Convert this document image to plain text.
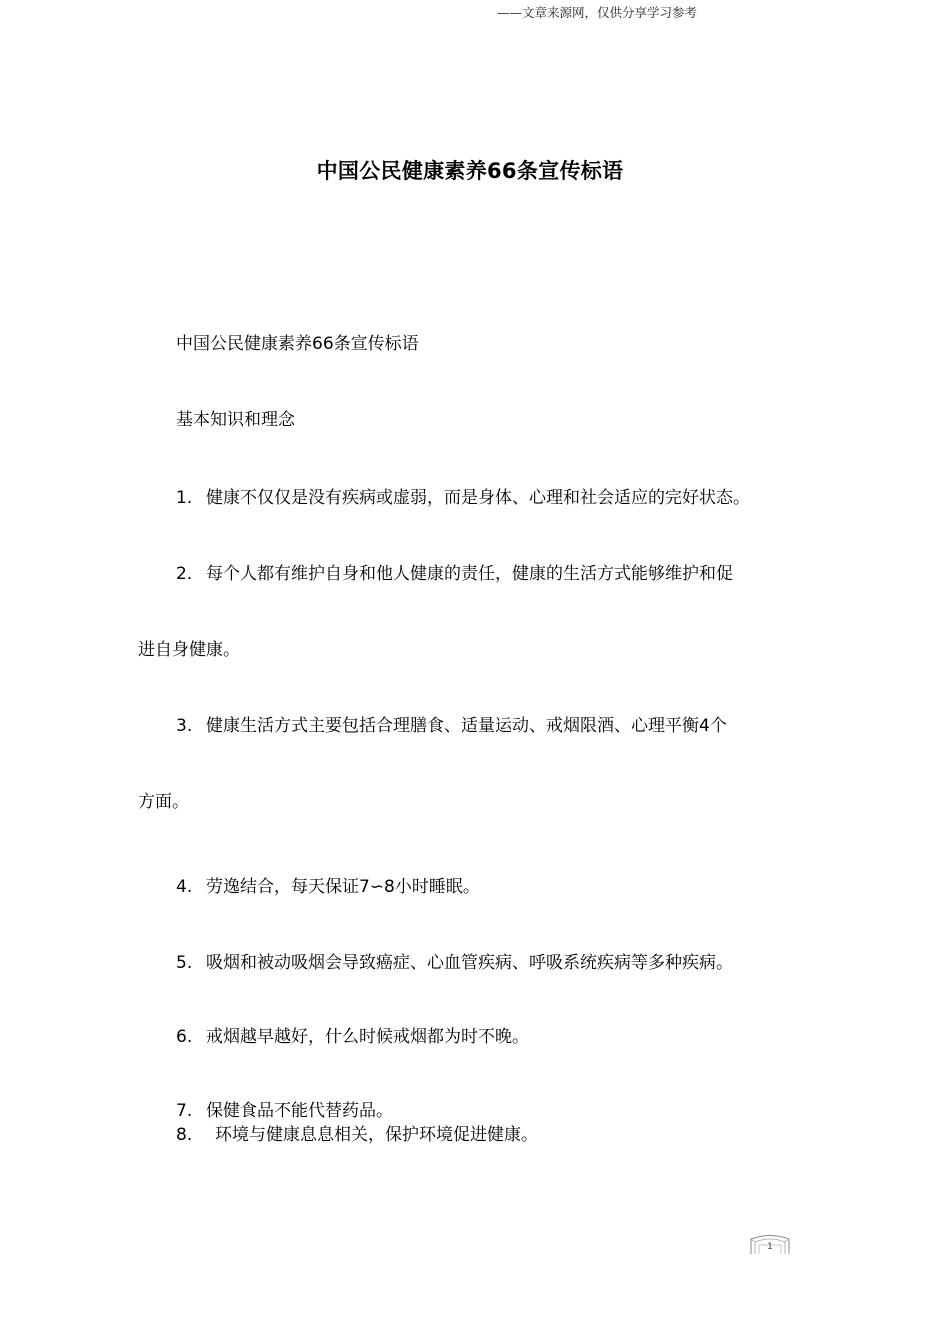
——文章来源网，仅供分享学习参考
中国公民健康素养66条宣传标语
中国公民健康素养66条宣传标语
基本知识和理念
1. 健康不仅仅是没有疾病或虚弱，而是身体、心理和社会适应的完好状态。
2. 每个人都有维护自身和他人健康的责任，健康的生活方式能够维护和促
进自身健康。
3. 健康生活方式主要包括合理膳食、适量运动、戒烟限酒、心理平衡4个
方面。
4. 劳逸结合，每天保证7∽8小时睡眠。
5. 吸烟和被动吸烟会导致癌症、心血管疾病、呼吸系统疾病等多种疾病。
6. 戒烟越早越好，什么时候戒烟都为时不晚。
7. 保健食品不能代替药品。
8. 环境与健康息息相关，保护环境促进健康。
1
